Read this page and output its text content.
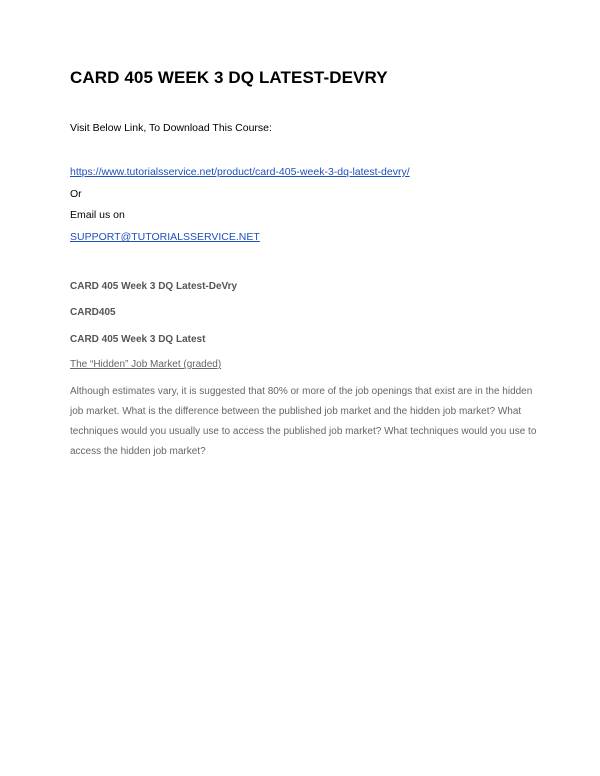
CARD 405 WEEK 3 DQ LATEST-DEVRY
Visit Below Link, To Download This Course:
https://www.tutorialsservice.net/product/card-405-week-3-dq-latest-devry/
Or
Email us on
SUPPORT@TUTORIALSSERVICE.NET
CARD 405 Week 3 DQ Latest-DeVry
CARD405
CARD 405 Week 3 DQ Latest
The “Hidden” Job Market (graded)
Although estimates vary, it is suggested that 80% or more of the job openings that exist are in the hidden job market. What is the difference between the published job market and the hidden job market? What techniques would you usually use to access the published job market? What techniques would you use to access the hidden job market?
